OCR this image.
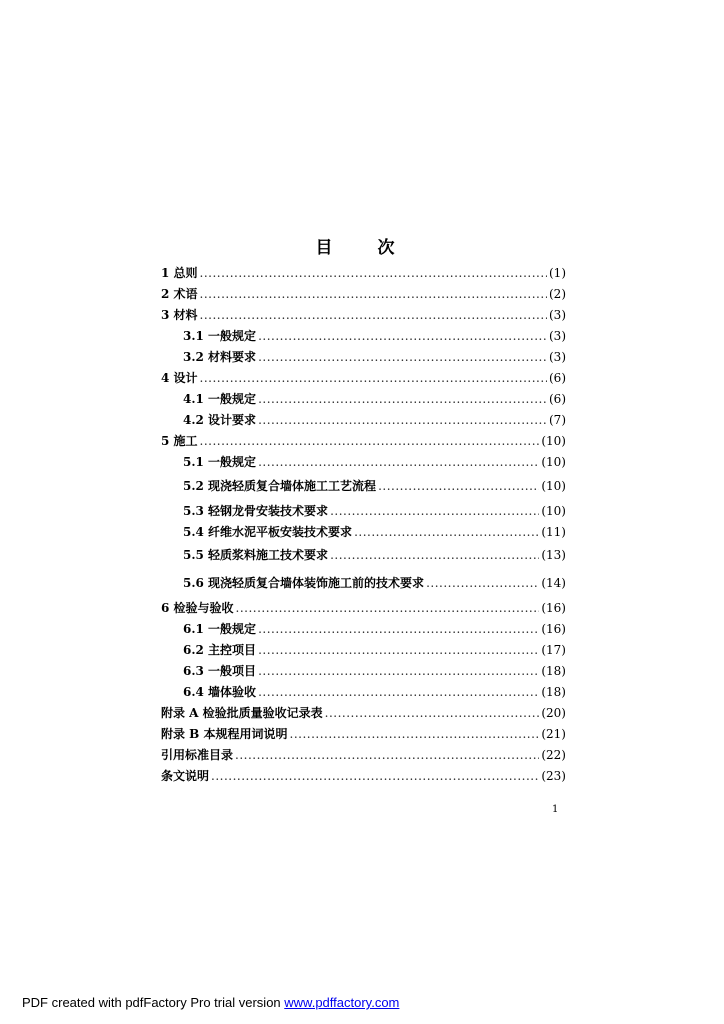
目　次
1 总则 .....	(1)
2 术语 .....	(2)
3 材料 .....	(3)
3.1 一般规定 .....	(3)
3.2 材料要求 .....	(3)
4 设计 .....	(6)
4.1 一般规定 .....	(6)
4.2 设计要求 .....	(7)
5 施工 .....	(10)
5.1 一般规定 .....	(10)
5.2 现浇轻质复合墙体施工工艺流程 .....	(10)
5.3 轻钢龙骨安装技术要求 .....	(10)
5.4 纤维水泥平板安装技术要求 .....	(11)
5.5 轻质浆料施工技术要求 .....	(13)
5.6 现浇轻质复合墙体装饰施工前的技术要求 .....	(14)
6 检验与验收 .....	(16)
6.1 一般规定 .....	(16)
6.2 主控项目 .....	(17)
6.3 一般项目 .....	(18)
6.4 墙体验收 .....	(18)
附录 A 检验批质量验收记录表 .....	(20)
附录 B 本规程用词说明 .....	(21)
引用标准目录 .....	(22)
条文说明 .....	(23)
1
PDF created with pdfFactory Pro trial version www.pdffactory.com
